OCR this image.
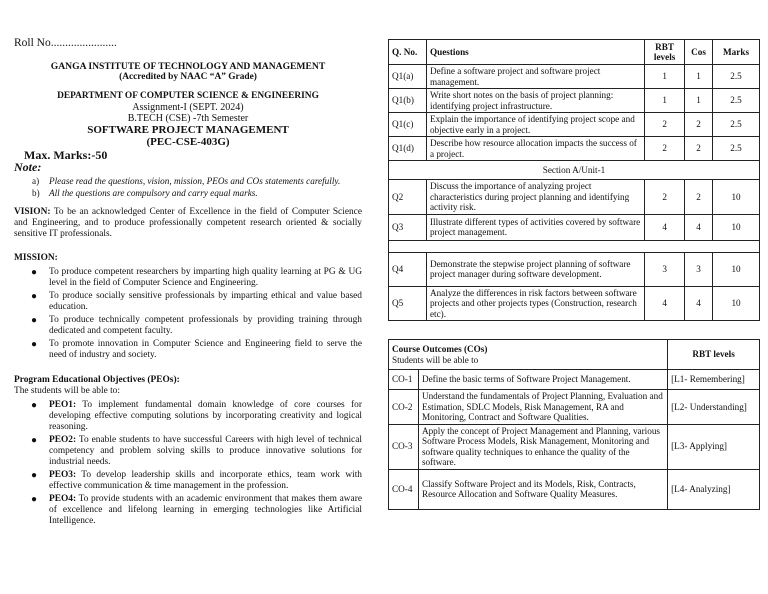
Roll No.......................
GANGA INSTITUTE OF TECHNOLOGY AND MANAGEMENT
(Accredited by NAAC “A” Grade)
DEPARTMENT OF COMPUTER SCIENCE & ENGINEERING
Assignment-I (SEPT. 2024)
B.TECH (CSE) -7th Semester
SOFTWARE PROJECT MANAGEMENT
(PEC-CSE-403G)
Max. Marks:-50
Note:
a) Please read the questions, vision, mission, PEOs and COs statements carefully.
b) All the questions are compulsory and carry equal marks.
VISION: To be an acknowledged Center of Excellence in the field of Computer Science and Engineering, and to produce professionally competent research oriented & socially sensitive IT professionals.
MISSION:
● To produce competent researchers by imparting high quality learning at PG & UG level in the field of Computer Science and Engineering.
● To produce socially sensitive professionals by imparting ethical and value based education.
● To produce technically competent professionals by providing training through dedicated and competent faculty.
● To promote innovation in Computer Science and Engineering field to serve the need of industry and society.
Program Educational Objectives (PEOs):
The students will be able to:
● PEO1: To implement fundamental domain knowledge of core courses for developing effective computing solutions by incorporating creativity and logical reasoning.
● PEO2: To enable students to have successful Careers with high level of technical competency and problem solving skills to produce innovative solutions for industrial needs.
● PEO3: To develop leadership skills and incorporate ethics, team work with effective communication & time management in the profession.
● PEO4: To provide students with an academic environment that makes them aware of excellence and lifelong learning in emerging technologies like Artificial Intelligence.
Q. No.	Questions	RBT levels	Cos	Marks
Q1(a)	Define a software project and software project management.	1	1	2.5
Q1(b)	Write short notes on the basis of project planning: identifying project infrastructure.	1	1	2.5
Q1(c)	Explain the importance of identifying project scope and objective early in a project.	2	2	2.5
Q1(d)	Describe how resource allocation impacts the success of a project.	2	2	2.5
Section A/Unit-1				
Q2	Discuss the importance of analyzing project characteristics during project planning and identifying activity risk.	2	2	10
Q3	Illustrate different types of activities covered by software project management.	4	4	10

Q4	Demonstrate the stepwise project planning of software project manager during software development.	3	3	10
Q5	Analyze the differences in risk factors between software projects and other projects types (Construction, research etc).	4	4	10
Course Outcomes (COs)
Students will be able to		RBT levels
CO-1	Define the basic terms of Software Project Management.	[L1- Remembering]
CO-2	Understand the fundamentals of Project Planning, Evaluation and Estimation, SDLC Models, Risk Management, RA and Monitoring, Contract and Software Qualities.	[L2- Understanding]
CO-3	Apply the concept of Project Management and Planning, various Software Process Models, Risk Management, Monitoring and software quality techniques to enhance the quality of the software.	[L3- Applying]
CO-4	Classify Software Project and its Models, Risk, Contracts, Resource Allocation and Software Quality Measures.	[L4- Analyzing]
